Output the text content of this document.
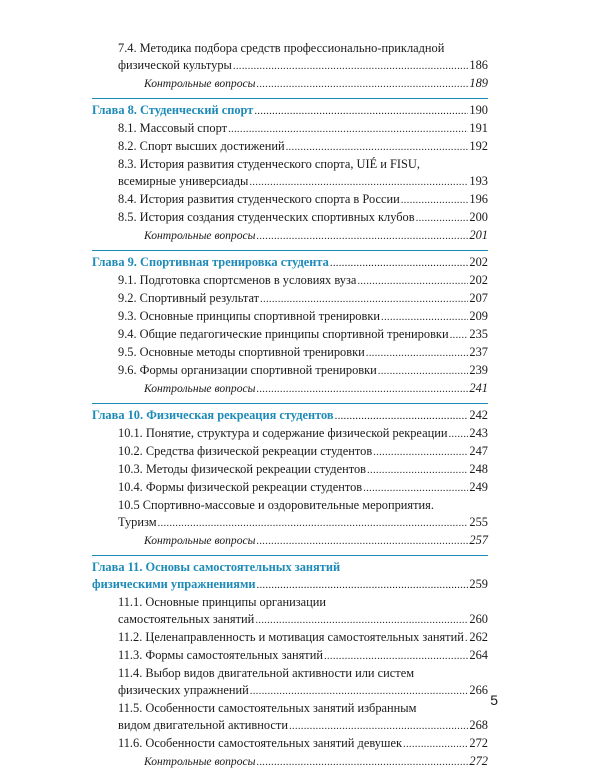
7.4. Методика подбора средств профессионально-прикладной
физической культуры .....	186
Контрольные вопросы .....	189
Глава 8. Студенческий спорт .....	190
8.1. Массовый спорт .....	191
8.2. Спорт высших достижений .....	192
8.3. История развития студенческого спорта, UIÉ и FISU,
всемирные универсиады .....	193
8.4. История развития студенческого спорта в России .....	196
8.5. История создания студенческих спортивных клубов .....	200
Контрольные вопросы .....	201
Глава 9. Спортивная тренировка студента .....	202
9.1. Подготовка спортсменов в условиях вуза .....	202
9.2. Спортивный результат .....	207
9.3. Основные принципы спортивной тренировки .....	209
9.4. Общие педагогические принципы спортивной тренировки ..... 235
9.5. Основные методы спортивной тренировки .....	237
9.6. Формы организации спортивной тренировки .....	239
Контрольные вопросы .....	241
Глава 10. Физическая рекреация студентов .....	242
10.1. Понятие, структура и содержание физической рекреации ..... 243
10.2. Средства физической рекреации студентов .....	247
10.3. Методы физической рекреации студентов .....	248
10.4. Формы физической рекреации студентов .....	249
10.5 Спортивно-массовые и оздоровительные мероприятия.
Туризм .....	255
Контрольные вопросы .....	257
Глава 11. Основы самостоятельных занятий
физическими упражнениями .....	259
11.1. Основные принципы организации
самостоятельных занятий .....	260
11.2. Целенаправленность и мотивация самостоятельных занятий ..... 262
11.3. Формы самостоятельных занятий .....	264
11.4. Выбор видов двигательной активности или систем
физических упражнений .....	266
11.5. Особенности самостоятельных занятий избранным
видом двигательной активности .....	268
11.6. Особенности самостоятельных занятий девушек .....	272
Контрольные вопросы .....	272
5
